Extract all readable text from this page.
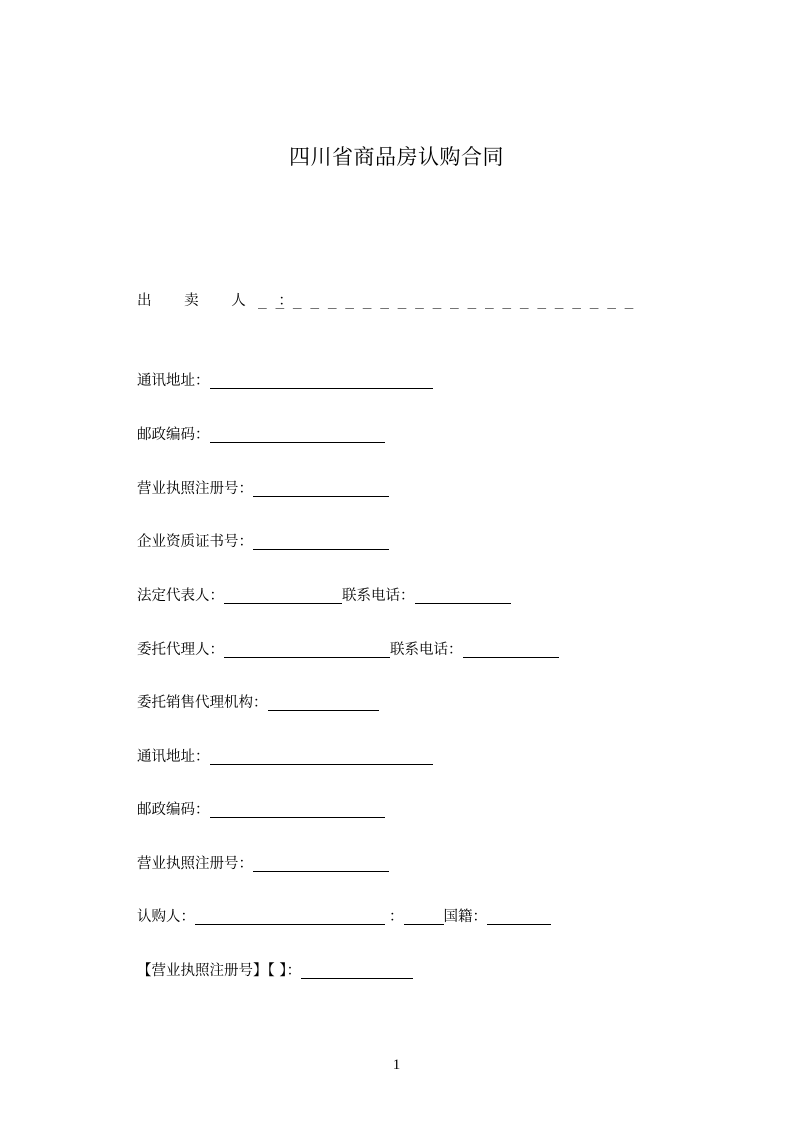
四川省商品房认购合同
出 卖 人 ：
_ _ _ _ _ _ _ _ _ _ _ _ _ _ _ _ _ _ _ _ _ _
通讯地址：
邮政编码：
营业执照注册号：
企业资质证书号：
法定代表人：	联系电话：
委托代理人：	联系电话：
委托销售代理机构：
通讯地址：
邮政编码：
营业执照注册号：
认购人：	：	国籍：
【营业执照注册号】【 】：
1
